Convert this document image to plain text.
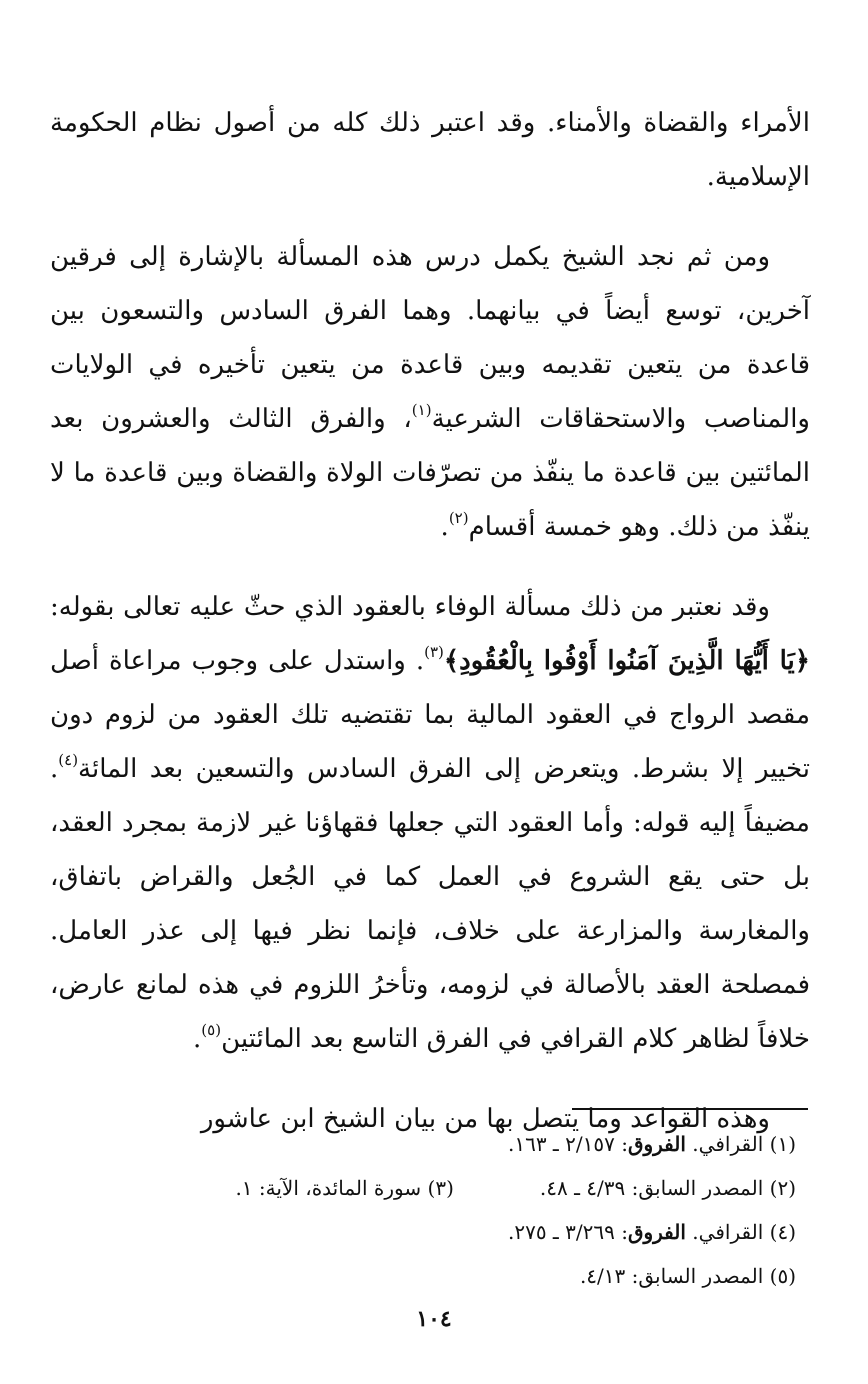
الأمراء والقضاة والأمناء. وقد اعتبر ذلك كله من أصول نظام الحكومة الإسلامية.

ومن ثم نجد الشيخ يكمل درس هذه المسألة بالإشارة إلى فرقين آخرين، توسع أيضاً في بيانهما. وهما الفرق السادس والتسعون بين قاعدة من يتعين تقديمه وبين قاعدة من يتعين تأخيره في الولايات والمناصب والاستحقاقات الشرعية$^{(١)}$، والفرق الثالث والعشرون بعد المائتين بين قاعدة ما ينفّذ من تصرّفات الولاة والقضاة وبين قاعدة ما لا ينفّذ من ذلك. وهو خمسة أقسام$^{(٢)}$.

وقد نعتبر من ذلك مسألة الوفاء بالعقود الذي حثّ عليه تعالى بقوله: ﴿يَا أَيُّهَا الَّذِينَ آمَنُوا أَوْفُوا بِالْعُقُودِ﴾$^{(٣)}$. واستدل على وجوب مراعاة أصل مقصد الرواج في العقود المالية بما تقتضيه تلك العقود من لزوم دون تخيير إلا بشرط. ويتعرض إلى الفرق السادس والتسعين بعد المائة$^{(٤)}$. مضيفاً إليه قوله: وأما العقود التي جعلها فقهاؤنا غير لازمة بمجرد العقد، بل حتى يقع الشروع في العمل كما في الجُعل والقراض باتفاق، والمغارسة والمزارعة على خلاف، فإنما نظر فيها إلى عذر العامل. فمصلحة العقد بالأصالة في لزومه، وتأخرُ اللزوم في هذه لمانع عارض، خلافاً لظاهر كلام القرافي في الفرق التاسع بعد المائتين$^{(٥)}$.

وهذه القواعد وما يتصل بها من بيان الشيخ ابن عاشور

(١) القرافي. الفروق: ٢/١٥٧ ـ ١٦٣.
(٢) المصدر السابق: ٤/٣٩ ـ ٤٨.
(٣) سورة المائدة، الآية: ١.
(٤) القرافي. الفروق: ٣/٢٦٩ ـ ٢٧٥.
(٥) المصدر السابق: ٤/١٣.
١٠٤
